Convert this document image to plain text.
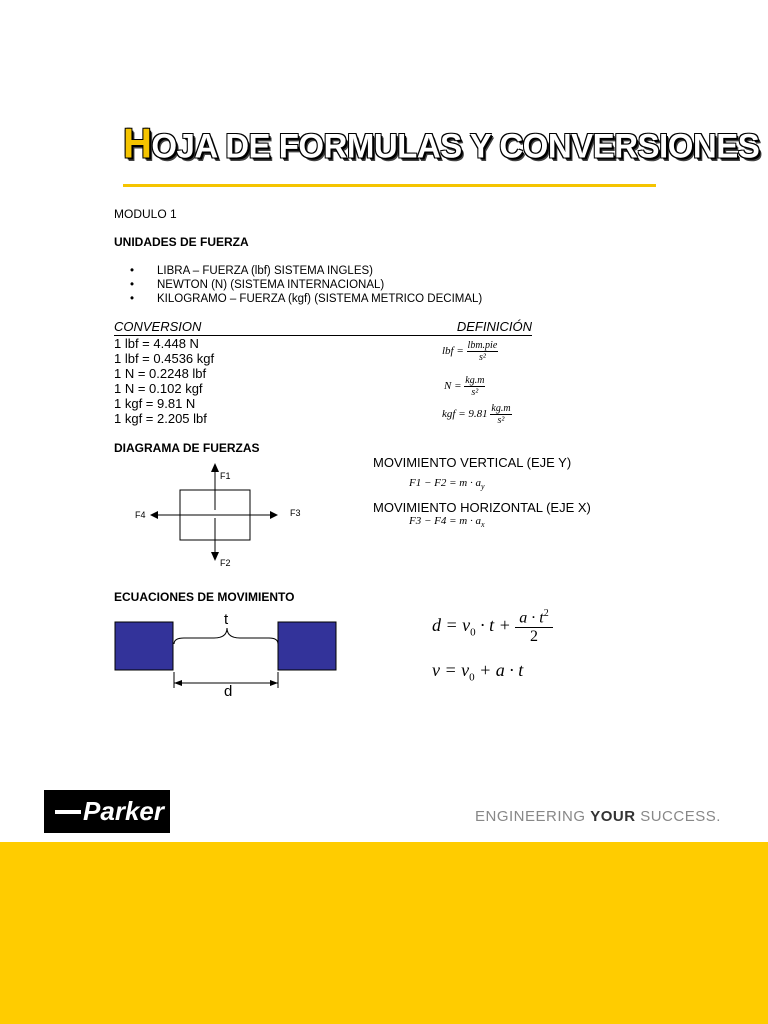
HOJA DE FORMULAS Y CONVERSIONES
MODULO 1
UNIDADES DE FUERZA
• LIBRA – FUERZA (lbf) SISTEMA INGLES)
• NEWTON (N) (SISTEMA INTERNACIONAL)
• KILOGRAMO – FUERZA (kgf) (SISTEMA METRICO DECIMAL)
CONVERSION	DEFINICIÓN
1 lbf = 4.448 N
1 lbf = 0.4536 kgf
1 N = 0.2248 lbf
1 N = 0.102 kgf
1 kgf = 9.81 N
1 kgf = 2.205 lbf
lbf = $\frac{\text{lbm.pie}}{\text{s²}}$
$N = \frac{kg.m}{\text{s²}}$
kgf = $9.81 \frac{kg.m}{\text{s²}}$
DIAGRAMA DE FUERZAS
F1
F2
F3
F4
MOVIMIENTO VERTICAL (EJE Y)
$F1 - F2 = m \cdot a_y$
MOVIMIENTO HORIZONTAL (EJE X)
$F3 - F4 = m \cdot a_x$
ECUACIONES DE MOVIMIENTO
t
d
$d = v_0 \cdot t + \frac{a \cdot t^2}{2}$
$v = v_0 + a \cdot t$
Parker	ENGINEERING YOUR SUCCESS.
